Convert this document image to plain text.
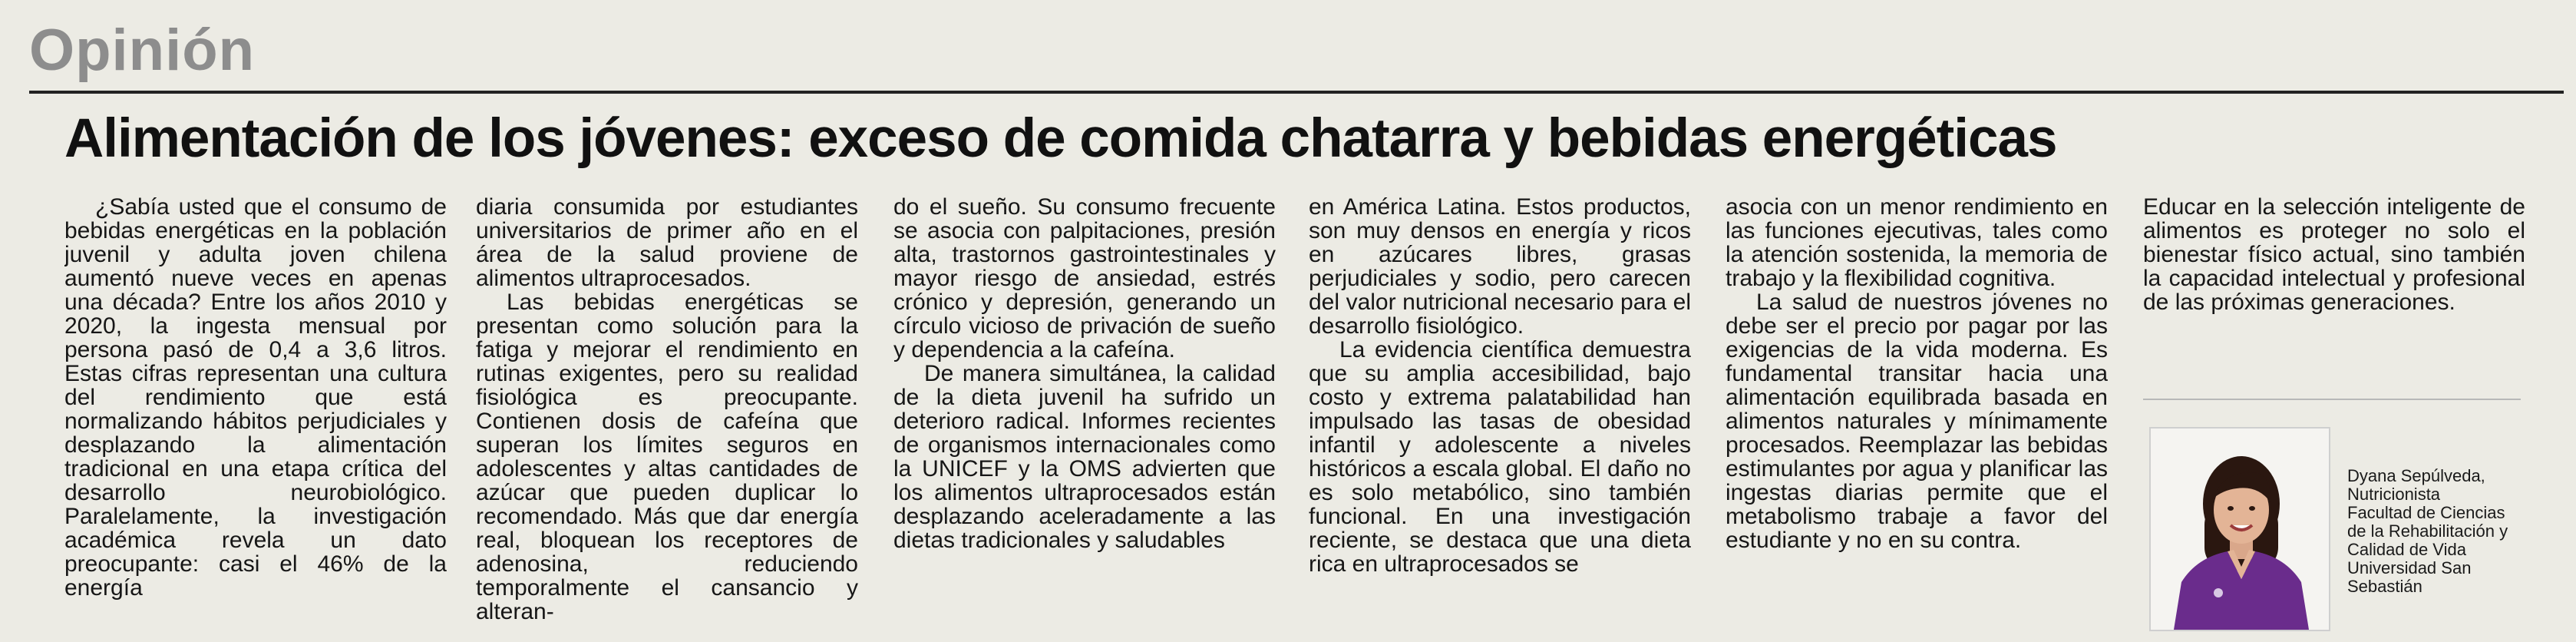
Opinión
Alimentación de los jóvenes: exceso de comida chatarra y bebidas energéticas

¿Sabía usted que el consumo de bebidas energéticas en la población juvenil y adulta joven chilena aumentó nueve veces en apenas una década? Entre los años 2010 y 2020, la ingesta mensual por persona pasó de 0,4 a 3,6 litros. Estas cifras representan una cultura del rendimiento que está normalizando hábitos perjudiciales y desplazando la alimentación tradicional en una etapa crítica del desarrollo neurobiológico. Paralelamente, la investigación académica revela un dato preocupante: casi el 46% de la energía

diaria consumida por estudiantes universitarios de primer año en el área de la salud proviene de alimentos ultraprocesados.

Las bebidas energéticas se presentan como solución para la fatiga y mejorar el rendimiento en rutinas exigentes, pero su realidad fisiológica es preocupante. Contienen dosis de cafeína que superan los límites seguros en adolescentes y altas cantidades de azúcar que pueden duplicar lo recomendado. Más que dar energía real, bloquean los receptores de adenosina, reduciendo temporalmente el cansancio y alteran-

do el sueño. Su consumo frecuente se asocia con palpitaciones, presión alta, trastornos gastrointestinales y mayor riesgo de ansiedad, estrés crónico y depresión, generando un círculo vicioso de privación de sueño y dependencia a la cafeína.

De manera simultánea, la calidad de la dieta juvenil ha sufrido un deterioro radical. Informes recientes de organismos internacionales como la UNICEF y la OMS advierten que los alimentos ultraprocesados están desplazando aceleradamente a las dietas tradicionales y saludables

en América Latina. Estos productos, son muy densos en energía y ricos en azúcares libres, grasas perjudiciales y sodio, pero carecen del valor nutricional necesario para el desarrollo fisiológico.

La evidencia científica demuestra que su amplia accesibilidad, bajo costo y extrema palatabilidad han impulsado las tasas de obesidad infantil y adolescente a niveles históricos a escala global. El daño no es solo metabólico, sino también funcional. En una investigación reciente, se destaca que una dieta rica en ultraprocesados se

asocia con un menor rendimiento en las funciones ejecutivas, tales como la atención sostenida, la memoria de trabajo y la flexibilidad cognitiva.

La salud de nuestros jóvenes no debe ser el precio por pagar por las exigencias de la vida moderna. Es fundamental transitar hacia una alimentación equilibrada basada en alimentos naturales y mínimamente procesados. Reemplazar las bebidas estimulantes por agua y planificar las ingestas diarias permite que el metabolismo trabaje a favor del estudiante y no en su contra.

Educar en la selección inteligente de alimentos es proteger no solo el bienestar físico actual, sino también la capacidad intelectual y profesional de las próximas generaciones.

Dyana Sepúlveda,
Nutricionista
Facultad de Ciencias
de la Rehabilitación y
Calidad de Vida
Universidad San
Sebastián
